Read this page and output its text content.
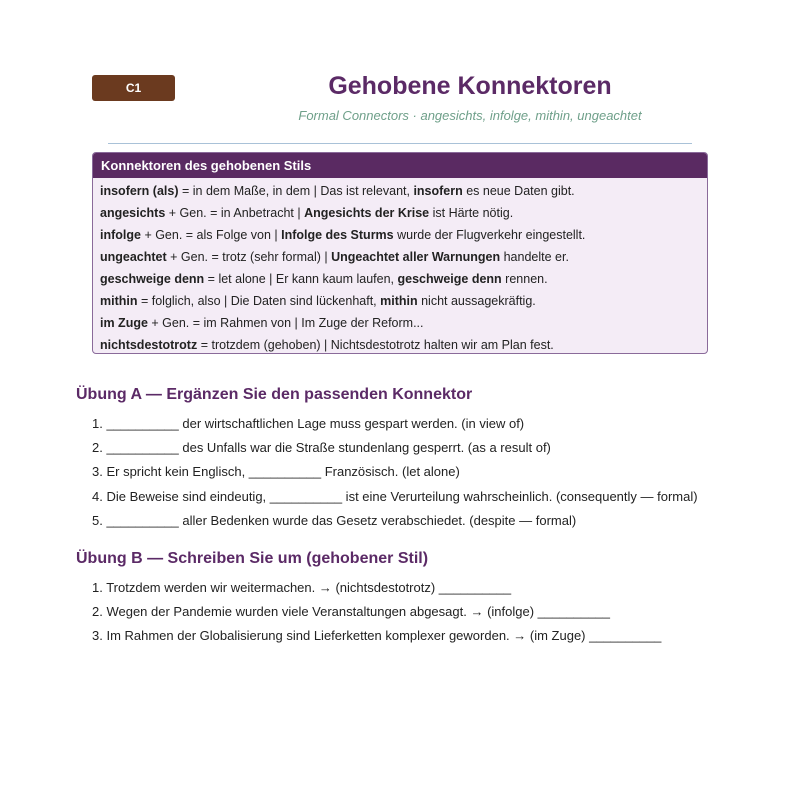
C1	Gehobene Konnektoren
Formal Connectors · angesichts, infolge, mithin, ungeachtet
Konnektoren des gehobenen Stils
insofern (als) = in dem Maße, in dem | Das ist relevant, insofern es neue Daten gibt.
angesichts + Gen. = in Anbetracht | Angesichts der Krise ist Härte nötig.
infolge + Gen. = als Folge von | Infolge des Sturms wurde der Flugverkehr eingestellt.
ungeachtet + Gen. = trotz (sehr formal) | Ungeachtet aller Warnungen handelte er.
geschweige denn = let alone | Er kann kaum laufen, geschweige denn rennen.
mithin = folglich, also | Die Daten sind lückenhaft, mithin nicht aussagekräftig.
im Zuge + Gen. = im Rahmen von | Im Zuge der Reform...
nichtsdestotrotz = trotzdem (gehoben) | Nichtsdestotrotz halten wir am Plan fest.
Übung A — Ergänzen Sie den passenden Konnektor
1. __________ der wirtschaftlichen Lage muss gespart werden. (in view of)
2. __________ des Unfalls war die Straße stundenlang gesperrt. (as a result of)
3. Er spricht kein Englisch, __________ Französisch. (let alone)
4. Die Beweise sind eindeutig, __________ ist eine Verurteilung wahrscheinlich. (consequently — formal)
5. __________ aller Bedenken wurde das Gesetz verabschiedet. (despite — formal)
Übung B — Schreiben Sie um (gehobener Stil)
1. Trotzdem werden wir weitermachen. → (nichtsdestotrotz) __________
2. Wegen der Pandemie wurden viele Veranstaltungen abgesagt. → (infolge) __________
3. Im Rahmen der Globalisierung sind Lieferketten komplexer geworden. → (im Zuge) __________
